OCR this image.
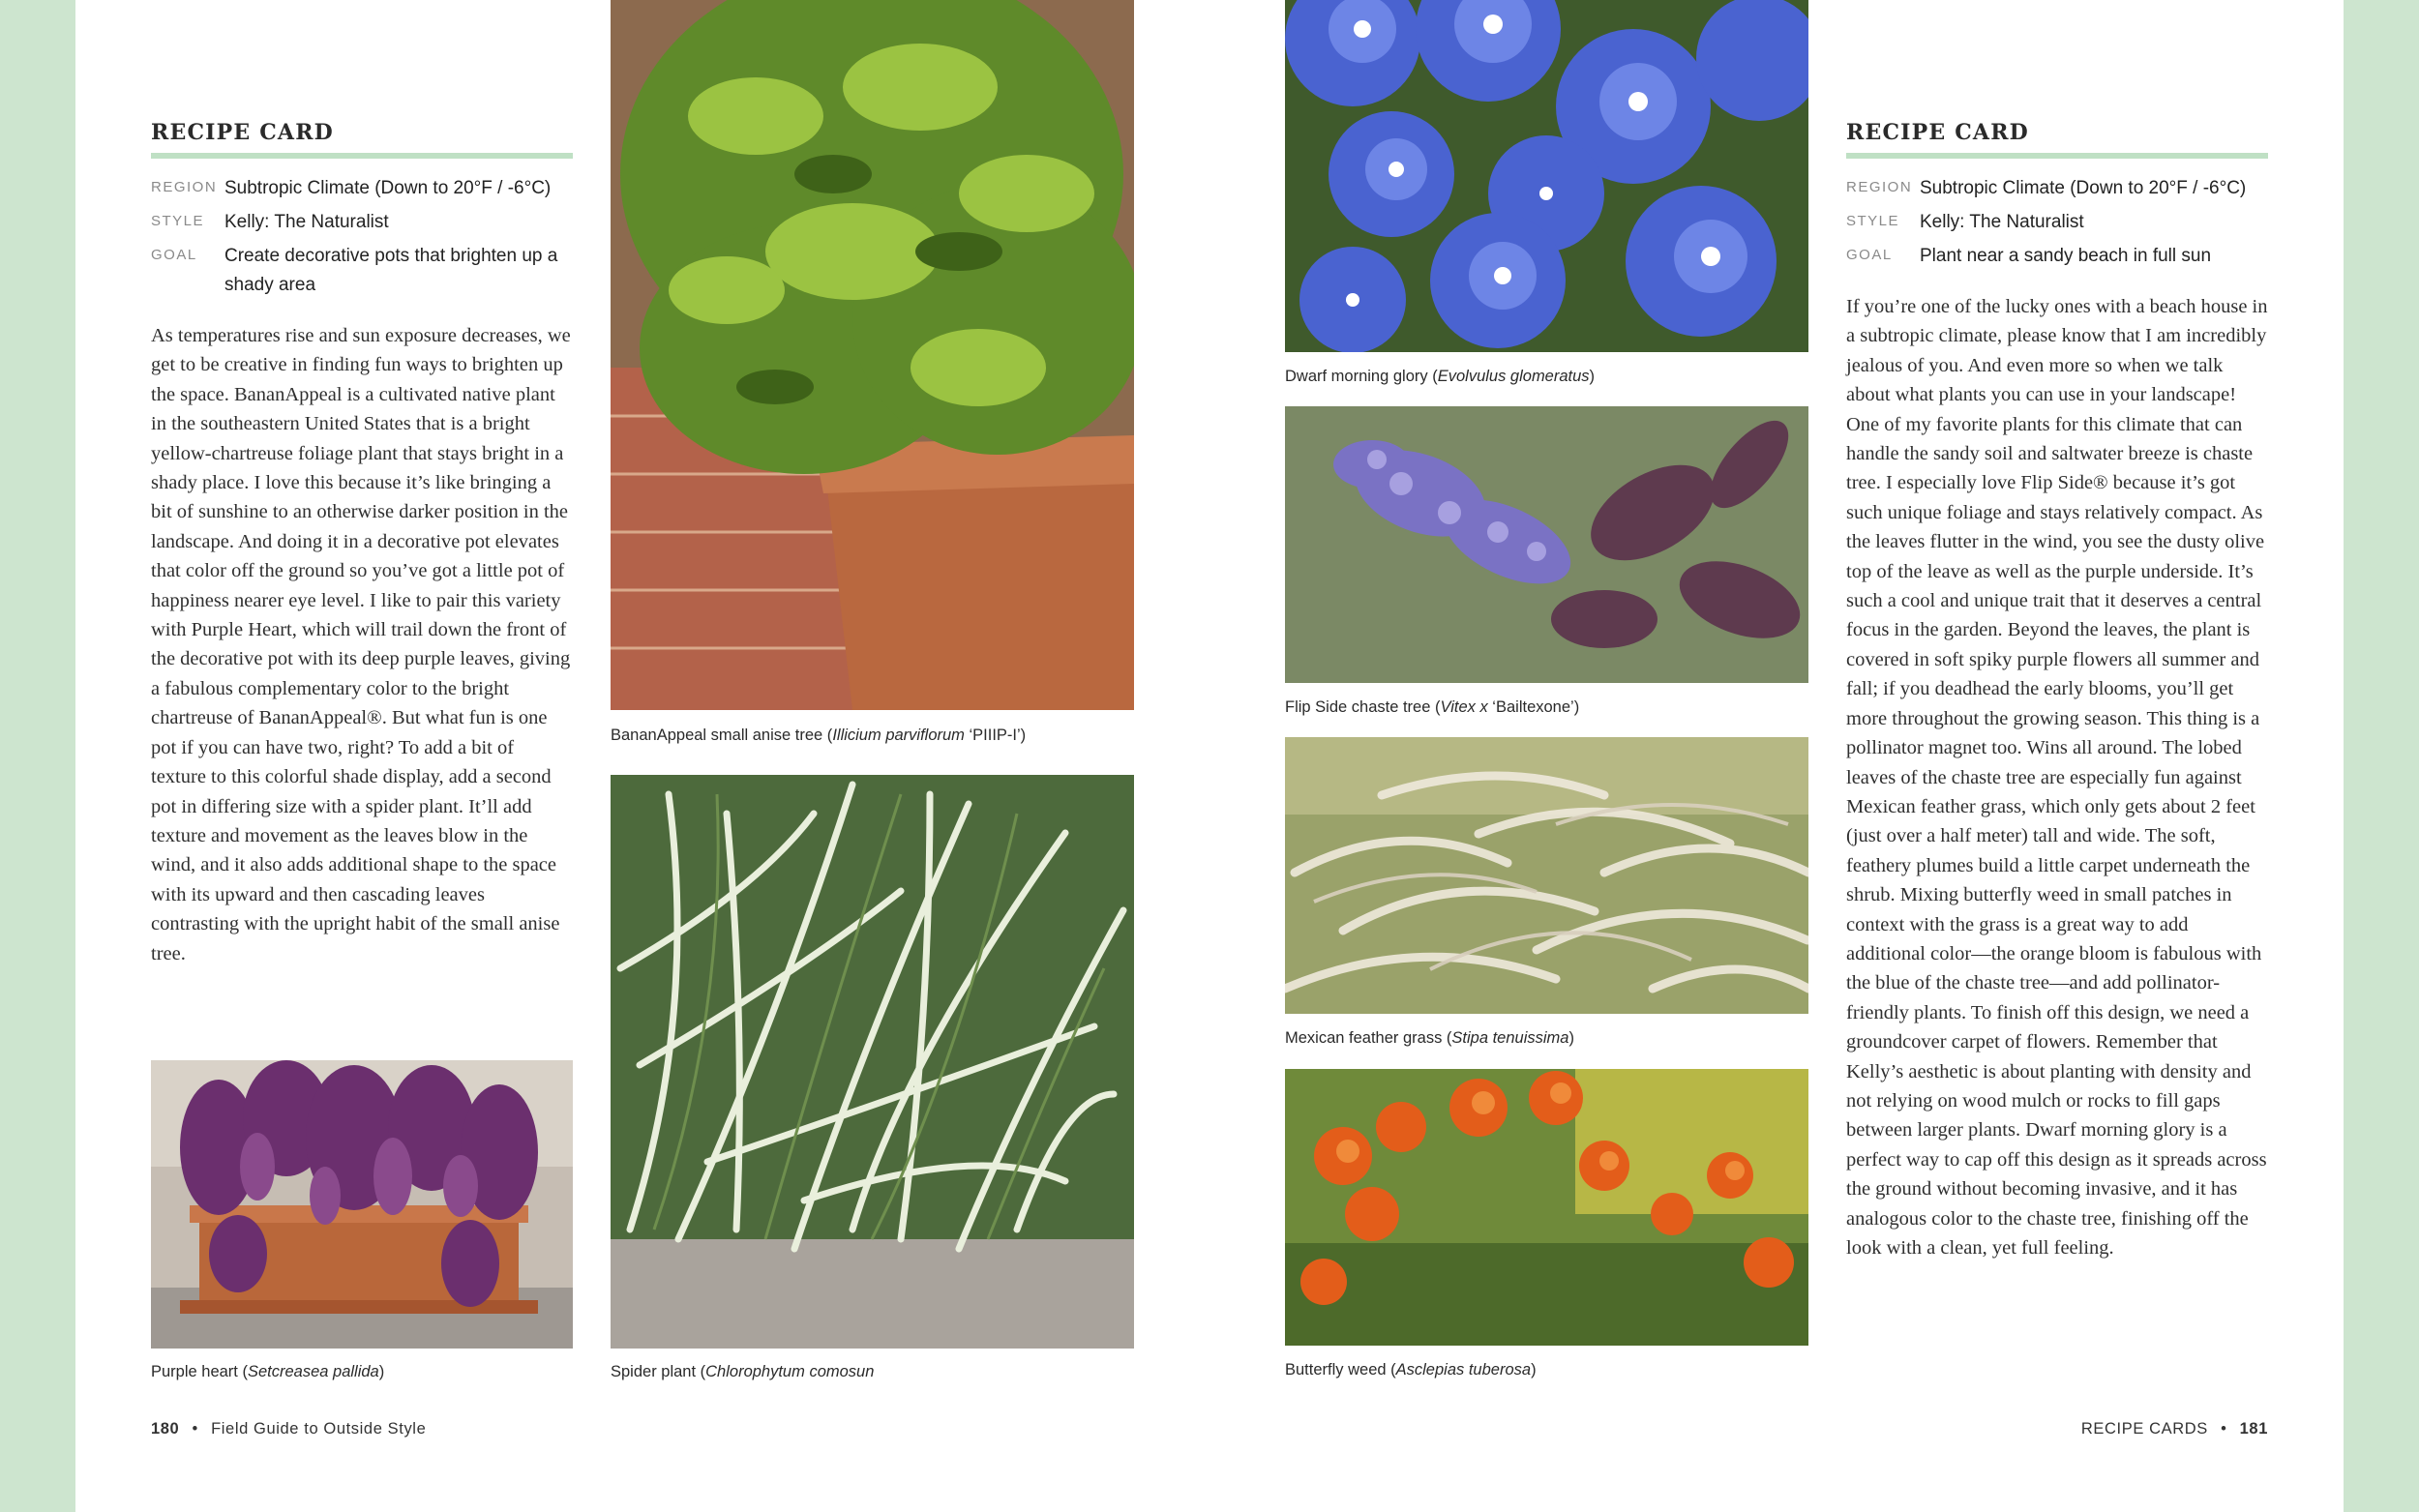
RECIPE CARD
REGION Subtropic Climate (Down to 20°F / -6°C)
STYLE	Kelly: The Naturalist
GOAL	Create decorative pots that brighten up a shady area
As temperatures rise and sun exposure decreases, we get to be creative in finding fun ways to brighten up the space. BananAppeal is a cultivated native plant in the southeastern United States that is a bright yellow-chartreuse foliage plant that stays bright in a shady place. I love this because it’s like bringing a bit of sunshine to an otherwise darker position in the landscape. And doing it in a decorative pot elevates that color off the ground so you’ve got a little pot of happiness nearer eye level. I like to pair this variety with Purple Heart, which will trail down the front of the decorative pot with its deep purple leaves, giving a fabulous complementary color to the bright chartreuse of BananAppeal®. But what fun is one pot if you can have two, right? To add a bit of texture to this colorful shade display, add a second pot in differing size with a spider plant. It’ll add texture and movement as the leaves blow in the wind, and it also adds additional shape to the space with its upward and then cascading leaves contrasting with the upright habit of the small anise tree.
Purple heart (Setcreasea pallida)
BananAppeal small anise tree (Illicium parviflorum ‘PIIIP-I’)
Spider plant (Chlorophytum comosun
180 • Field Guide to Outside Style
Dwarf morning glory (Evolvulus glomeratus)
Flip Side chaste tree (Vitex x ‘Bailtexone’)
Mexican feather grass (Stipa tenuissima)
Butterfly weed (Asclepias tuberosa)
RECIPE CARD
REGION Subtropic Climate (Down to 20°F / -6°C)
STYLE	Kelly: The Naturalist
GOAL	Plant near a sandy beach in full sun
If you’re one of the lucky ones with a beach house in a subtropic climate, please know that I am incredibly jealous of you. And even more so when we talk about what plants you can use in your landscape! One of my favorite plants for this climate that can handle the sandy soil and saltwater breeze is chaste tree. I especially love Flip Side® because it’s got such unique foliage and stays relatively compact. As the leaves flutter in the wind, you see the dusty olive top of the leave as well as the purple underside. It’s such a cool and unique trait that it deserves a central focus in the garden. Beyond the leaves, the plant is covered in soft spiky purple flowers all summer and fall; if you deadhead the early blooms, you’ll get more throughout the growing season. This thing is a pollinator magnet too. Wins all around. The lobed leaves of the chaste tree are especially fun against Mexican feather grass, which only gets about 2 feet (just over a half meter) tall and wide. The soft, feathery plumes build a little carpet underneath the shrub. Mixing butterfly weed in small patches in context with the grass is a great way to add additional color—the orange bloom is fabulous with the blue of the chaste tree—and add pollinator-friendly plants. To finish off this design, we need a groundcover carpet of flowers. Remember that Kelly’s aesthetic is about planting with density and not relying on wood mulch or rocks to fill gaps between larger plants. Dwarf morning glory is a perfect way to cap off this design as it spreads across the ground without becoming invasive, and it has analogous color to the chaste tree, finishing off the look with a clean, yet full feeling.
RECIPE CARDS • 181
